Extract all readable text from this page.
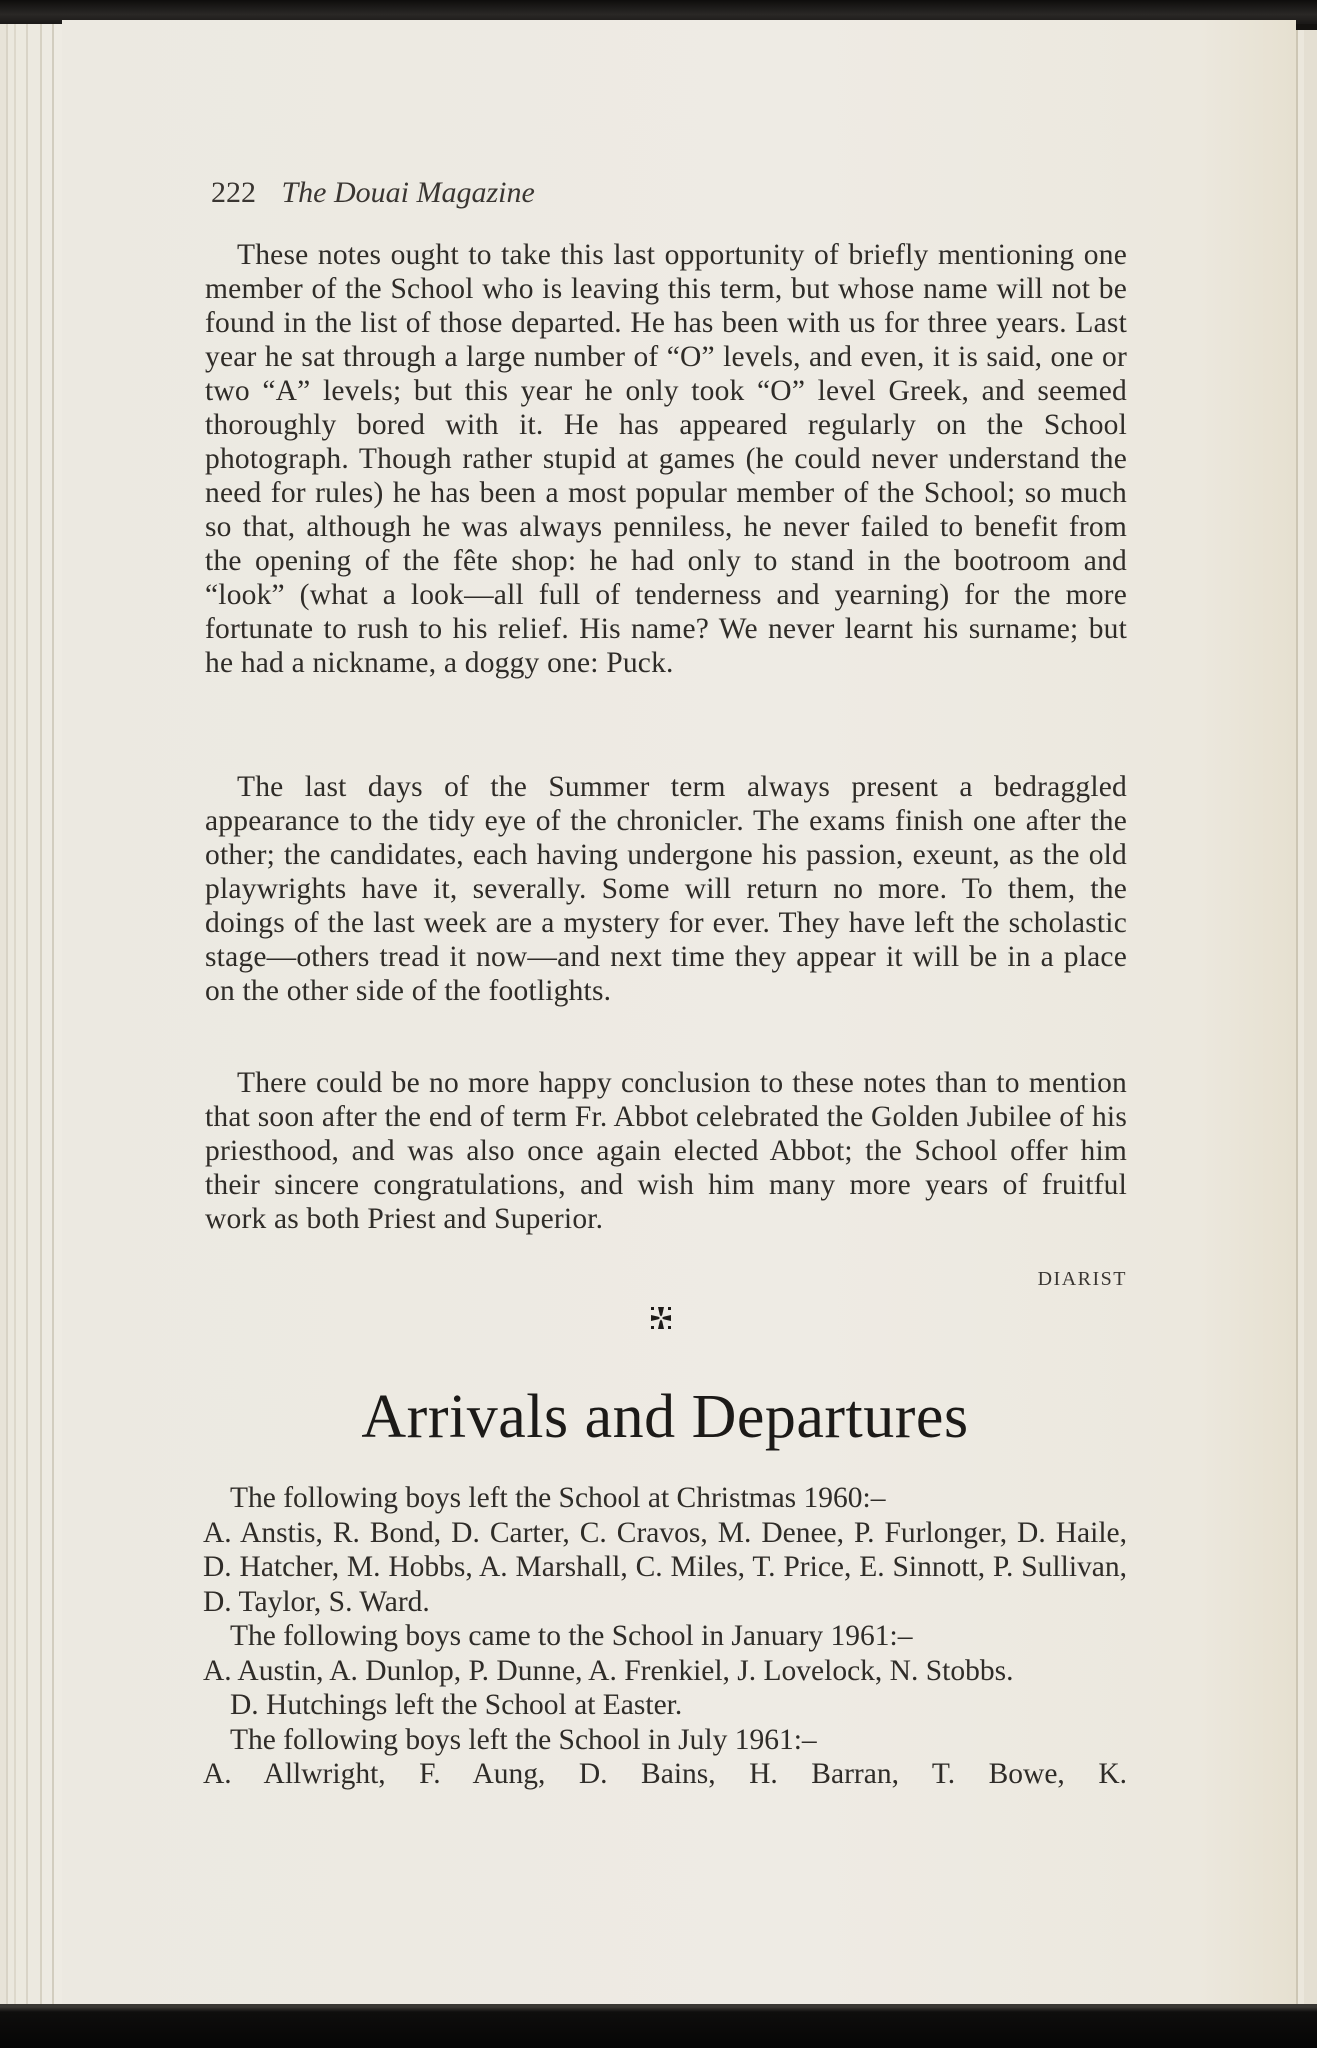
222 The Douai Magazine

These notes ought to take this last opportunity of briefly mentioning one member of the School who is leaving this term, but whose name will not be found in the list of those departed. He has been with us for three years. Last year he sat through a large number of “O” levels, and even, it is said, one or two “A” levels; but this year he only took “O” level Greek, and seemed thoroughly bored with it. He has appeared regularly on the School photograph. Though rather stupid at games (he could never understand the need for rules) he has been a most popular member of the School; so much so that, although he was always penniless, he never failed to benefit from the opening of the fête shop: he had only to stand in the bootroom and “look” (what a look—all full of tenderness and yearning) for the more fortunate to rush to his relief. His name? We never learnt his surname; but he had a nickname, a doggy one: Puck.

The last days of the Summer term always present a bedraggled appearance to the tidy eye of the chronicler. The exams finish one after the other; the candidates, each having undergone his passion, exeunt, as the old playwrights have it, severally. Some will return no more. To them, the doings of the last week are a mystery for ever. They have left the scholastic stage—others tread it now—and next time they appear it will be in a place on the other side of the footlights.

There could be no more happy conclusion to these notes than to mention that soon after the end of term Fr. Abbot celebrated the Golden Jubilee of his priesthood, and was also once again elected Abbot; the School offer him their sincere congratulations, and wish him many more years of fruitful work as both Priest and Superior.

DIARIST
Arrivals and Departures

The following boys left the School at Christmas 1960:–

A. Anstis, R. Bond, D. Carter, C. Cravos, M. Denee, P. Furlonger, D. Haile, D. Hatcher, M. Hobbs, A. Marshall, C. Miles, T. Price, E. Sinnott, P. Sullivan, D. Taylor, S. Ward.

The following boys came to the School in January 1961:–

A. Austin, A. Dunlop, P. Dunne, A. Frenkiel, J. Lovelock, N. Stobbs.

D. Hutchings left the School at Easter.

The following boys left the School in July 1961:–

A. Allwright, F. Aung, D. Bains, H. Barran, T. Bowe, K.
